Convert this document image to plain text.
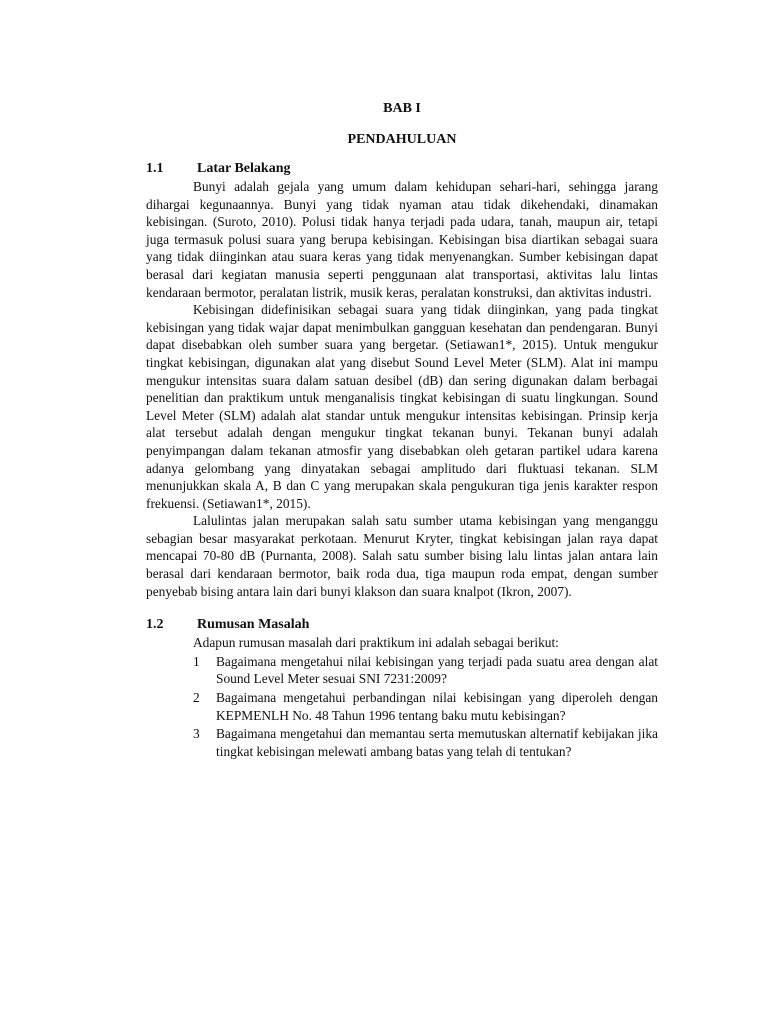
BAB I
PENDAHULUAN
1.1	Latar Belakang

Bunyi adalah gejala yang umum dalam kehidupan sehari-hari, sehingga jarang dihargai kegunaannya. Bunyi yang tidak nyaman atau tidak dikehendaki, dinamakan kebisingan. (Suroto, 2010). Polusi tidak hanya terjadi pada udara, tanah, maupun air, tetapi juga termasuk polusi suara yang berupa kebisingan. Kebisingan bisa diartikan sebagai suara yang tidak diinginkan atau suara keras yang tidak menyenangkan. Sumber kebisingan dapat berasal dari kegiatan manusia seperti penggunaan alat transportasi, aktivitas lalu lintas kendaraan bermotor, peralatan listrik, musik keras, peralatan konstruksi, dan aktivitas industri.

Kebisingan didefinisikan sebagai suara yang tidak diinginkan, yang pada tingkat kebisingan yang tidak wajar dapat menimbulkan gangguan kesehatan dan pendengaran. Bunyi dapat disebabkan oleh sumber suara yang bergetar. (Setiawan1*, 2015). Untuk mengukur tingkat kebisingan, digunakan alat yang disebut Sound Level Meter (SLM). Alat ini mampu mengukur intensitas suara dalam satuan desibel (dB) dan sering digunakan dalam berbagai penelitian dan praktikum untuk menganalisis tingkat kebisingan di suatu lingkungan. Sound Level Meter (SLM) adalah alat standar untuk mengukur intensitas kebisingan. Prinsip kerja alat tersebut adalah dengan mengukur tingkat tekanan bunyi. Tekanan bunyi adalah penyimpangan dalam tekanan atmosfir yang disebabkan oleh getaran partikel udara karena adanya gelombang yang dinyatakan sebagai amplitudo dari fluktuasi tekanan. SLM menunjukkan skala A, B dan C yang merupakan skala pengukuran tiga jenis karakter respon frekuensi. (Setiawan1*, 2015).

Lalulintas jalan merupakan salah satu sumber utama kebisingan yang menganggu sebagian besar masyarakat perkotaan. Menurut Kryter, tingkat kebisingan jalan raya dapat mencapai 70-80 dB (Purnanta, 2008). Salah satu sumber bising lalu lintas jalan antara lain berasal dari kendaraan bermotor, baik roda dua, tiga maupun roda empat, dengan sumber penyebab bising antara lain dari bunyi klakson dan suara knalpot (Ikron, 2007).

1.2	Rumusan Masalah

Adapun rumusan masalah dari praktikum ini adalah sebagai berikut:

1	Bagaimana mengetahui nilai kebisingan yang terjadi pada suatu area dengan alat Sound Level Meter sesuai SNI 7231:2009?
2	Bagaimana mengetahui perbandingan nilai kebisingan yang diperoleh dengan KEPMENLH No. 48 Tahun 1996 tentang baku mutu kebisingan?
3	Bagaimana mengetahui dan memantau serta memutuskan alternatif kebijakan jika tingkat kebisingan melewati ambang batas yang telah di tentukan?
